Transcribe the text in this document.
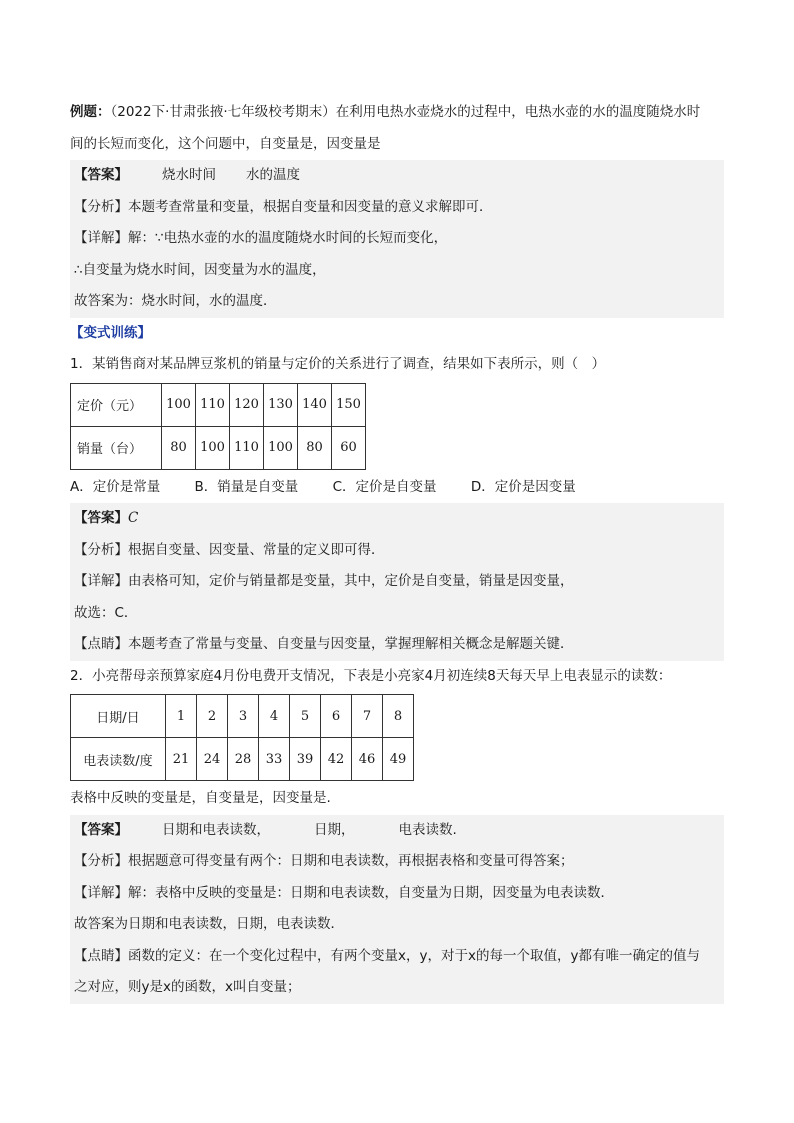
例题：（2022下·甘肃张掖·七年级校考期末）在利用电热水壶烧水的过程中，电热水壶的水的温度随烧水时
间的长短而变化，这个问题中，自变量是，因变量是
【答案】	烧水时间 水的温度
【分析】本题考查常量和变量，根据自变量和因变量的意义求解即可．
【详解】解：∵电热水壶的水的温度随烧水时间的长短而变化，
∴自变量为烧水时间，因变量为水的温度，
故答案为：烧水时间，水的温度．
【变式训练】
1．某销售商对某品牌豆浆机的销量与定价的关系进行了调查，结果如下表所示，则（　）
定价（元）	100	110	120	130	140	150
销量（台）	80	100	110	100	80	60
A．定价是常量	B．销量是自变量	C．定价是自变量	D．定价是因变量
【答案】C
【分析】根据自变量、因变量、常量的定义即可得．
【详解】由表格可知，定价与销量都是变量，其中，定价是自变量，销量是因变量，
故选：C．
【点睛】本题考查了常量与变量、自变量与因变量，掌握理解相关概念是解题关键．
2．小亮帮母亲预算家庭4月份电费开支情况，下表是小亮家4月初连续8天每天早上电表显示的读数：
日期/日	1	2	3	4	5	6	7	8
电表读数/度	21	24	28	33	39	42	46	49
表格中反映的变量是，自变量是，因变量是.
【答案】	日期和电表读数，	日期，	电表读数.
【分析】根据题意可得变量有两个：日期和电表读数，再根据表格和变量可得答案；
【详解】解：表格中反映的变量是：日期和电表读数，自变量为日期，因变量为电表读数．
故答案为日期和电表读数，日期，电表读数．
【点睛】函数的定义：在一个变化过程中，有两个变量x，y，对于x的每一个取值，y都有唯一确定的值与
之对应，则y是x的函数，x叫自变量；
